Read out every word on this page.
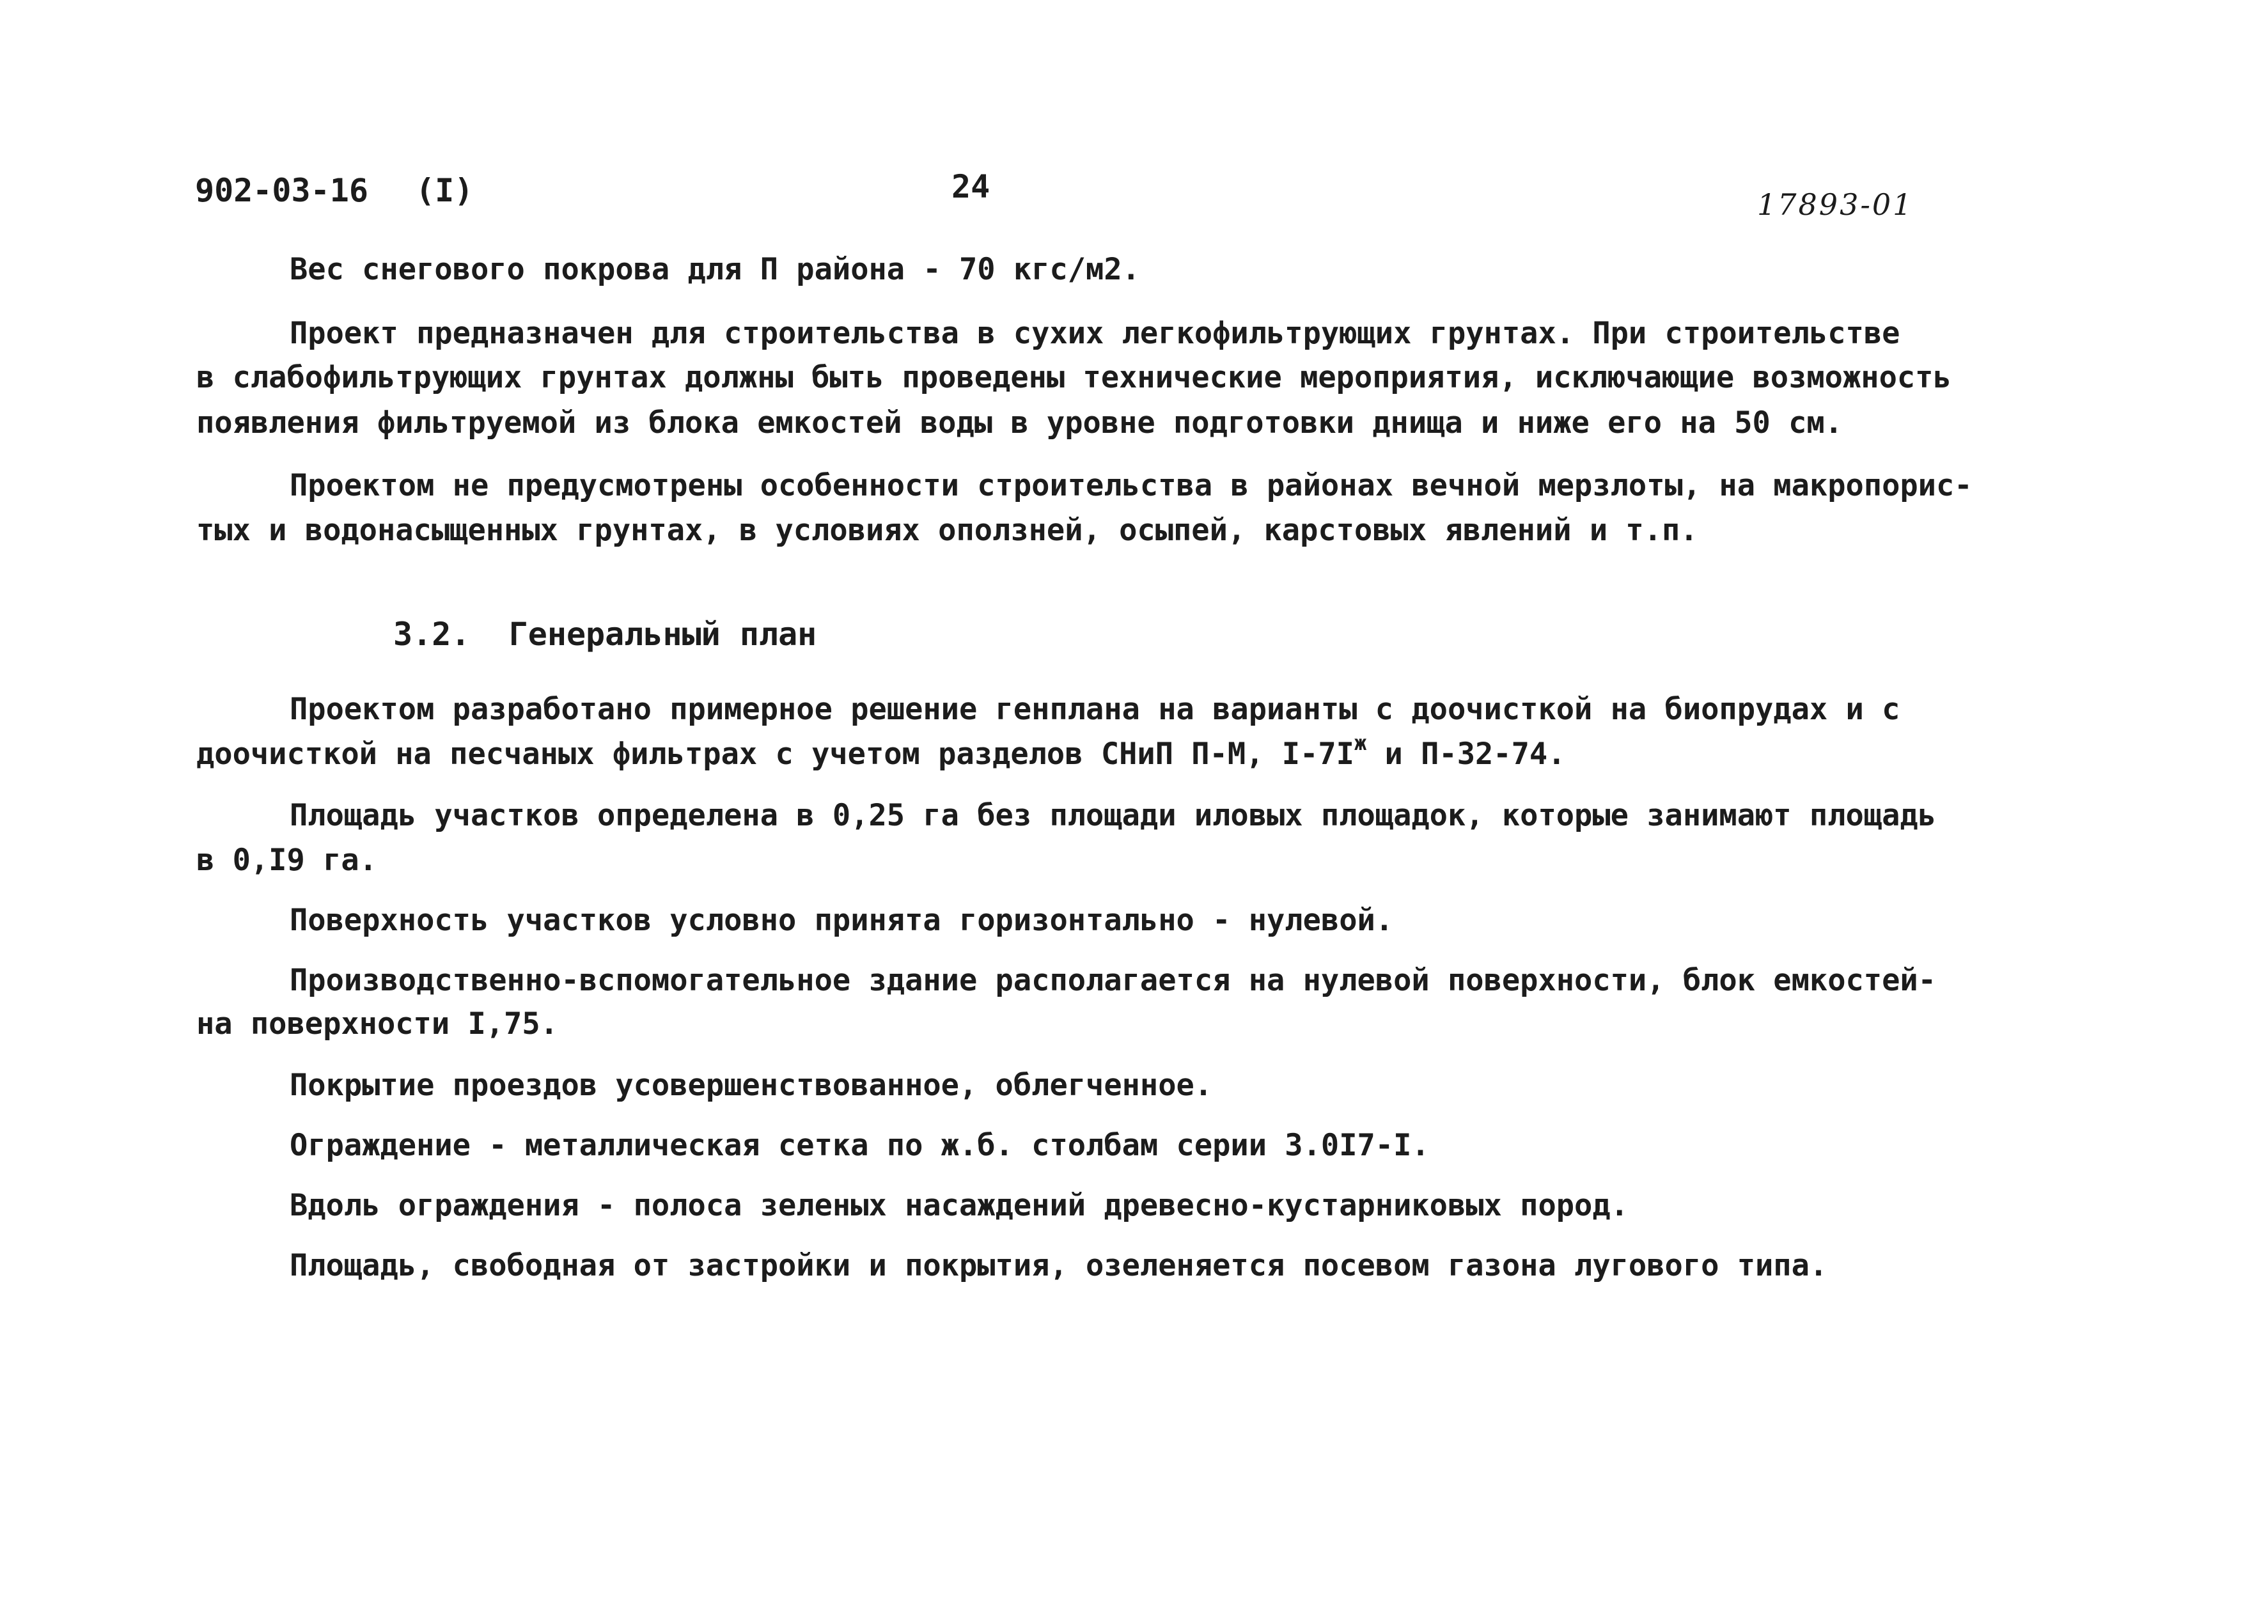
902-03-16 (I)	24	17893-01
Вес снегового покрова для П района - 70 кгс/м2.
Проект предназначен для строительства в сухих легкофильтрующих грунтах. При строительстве
в слабофильтрующих грунтах должны быть проведены технические мероприятия, исключающие возможность
появления фильтруемой из блока емкостей воды в уровне подготовки днища и ниже его на 50 см.
Проектом не предусмотрены особенности строительства в районах вечной мерзлоты, на макропорис-
тых и водонасыщенных грунтах, в условиях оползней, осыпей, карстовых явлений и т.п.
3.2. Генеральный план
Проектом разработано примерное решение генплана на варианты с доочисткой на биопрудах и с
доочисткой на песчаных фильтрах с учетом разделов СНиП П-М, $I-7I^ж$ и П-32-74.
Площадь участков определена в 0,25 га без площади иловых площадок, которые занимают площадь
в 0,I9 га.
Поверхность участков условно принята горизонтально - нулевой.
Производственно-вспомогательное здание располагается на нулевой поверхности, блок емкостей-
на поверхности I,75.
Покрытие проездов усовершенствованное, облегченное.
Ограждение - металлическая сетка по ж.б. столбам серии 3.0I7-I.
Вдоль ограждения - полоса зеленых насаждений древесно-кустарниковых пород.
Площадь, свободная от застройки и покрытия, озеленяется посевом газона лугового типа.
